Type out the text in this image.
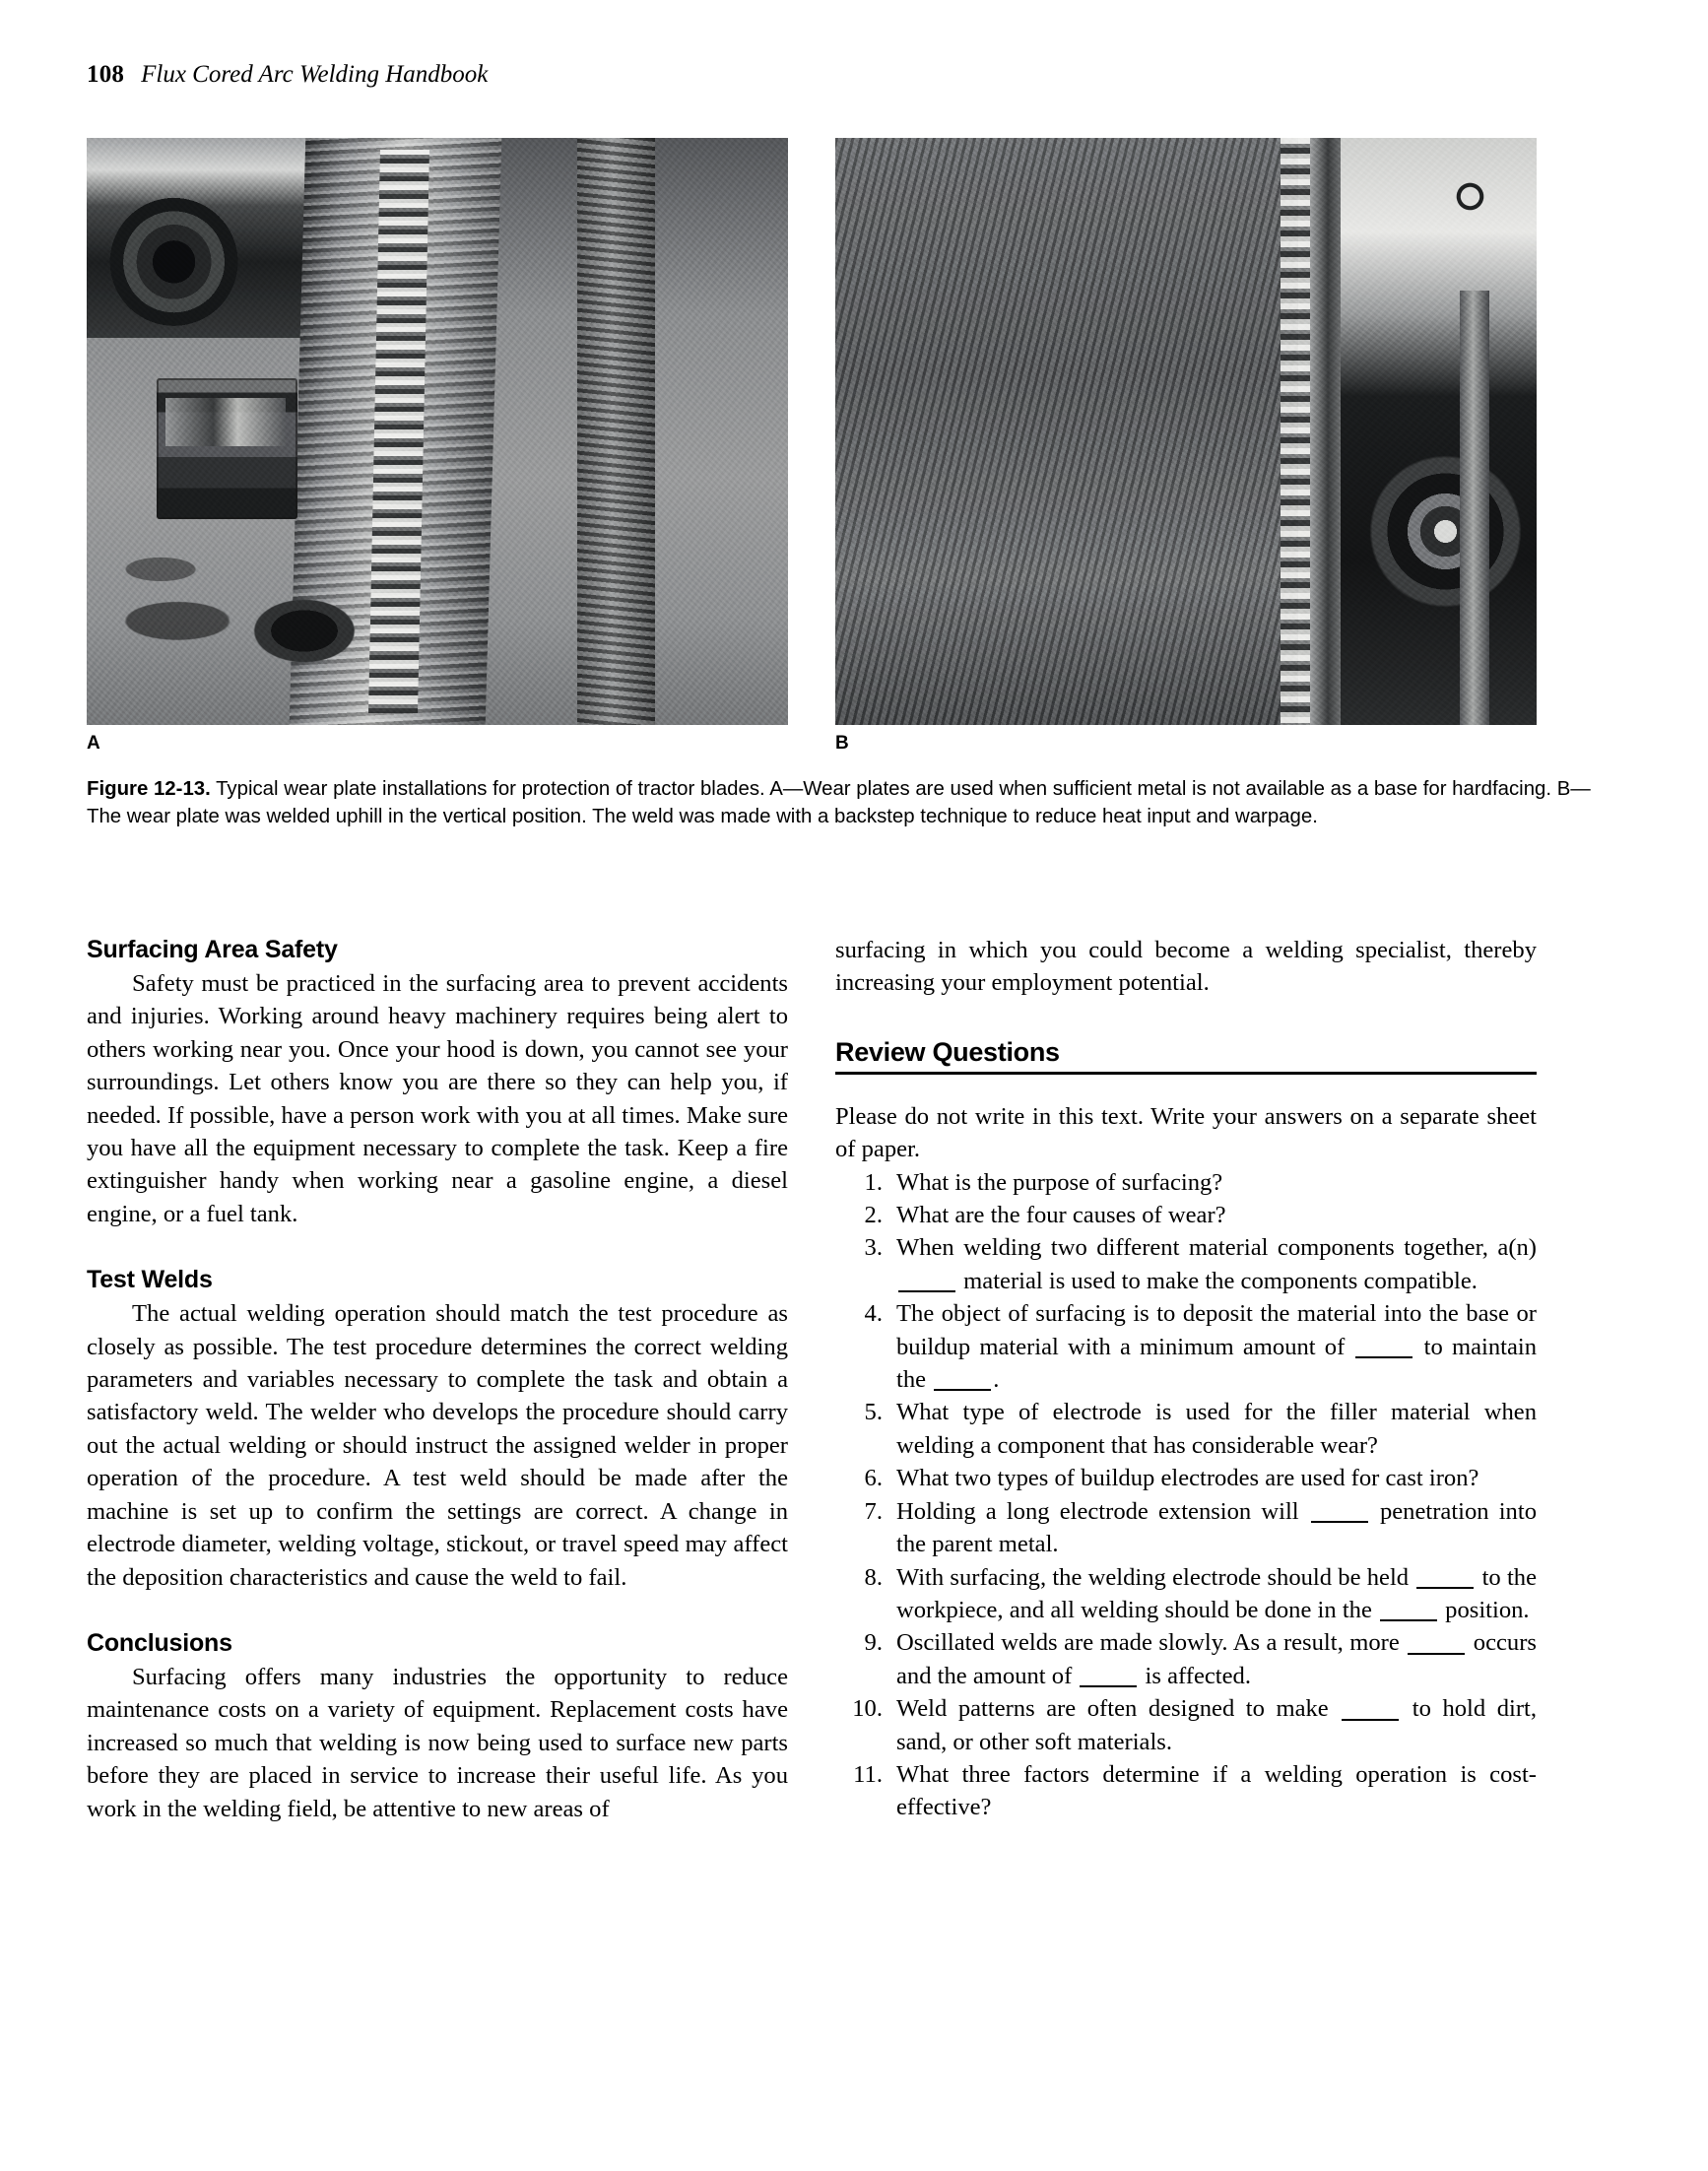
108 Flux Cored Arc Welding Handbook
A	B
Figure 12-13. Typical wear plate installations for protection of tractor blades. A—Wear plates are used when sufficient metal is not available as a base for hardfacing. B—The wear plate was welded uphill in the vertical position. The weld was made with a backstep technique to reduce heat input and warpage.
Surfacing Area Safety

Safety must be practiced in the surfacing area to prevent accidents and injuries. Working around heavy machinery requires being alert to others working near you. Once your hood is down, you cannot see your surroundings. Let others know you are there so they can help you, if needed. If possible, have a person work with you at all times. Make sure you have all the equipment necessary to complete the task. Keep a fire extinguisher handy when working near a gasoline engine, a diesel engine, or a fuel tank.

Test Welds

The actual welding operation should match the test procedure as closely as possible. The test procedure determines the correct welding parameters and variables necessary to complete the task and obtain a satisfactory weld. The welder who develops the procedure should carry out the actual welding or should instruct the assigned welder in proper operation of the procedure. A test weld should be made after the machine is set up to confirm the settings are correct. A change in electrode diameter, welding voltage, stickout, or travel speed may affect the deposition characteristics and cause the weld to fail.

Conclusions

Surfacing offers many industries the opportunity to reduce maintenance costs on a variety of equipment. Replacement costs have increased so much that welding is now being used to surface new parts before they are placed in service to increase their useful life. As you work in the welding field, be attentive to new areas of

surfacing in which you could become a welding specialist, thereby increasing your employment potential.

Review Questions

Please do not write in this text. Write your answers on a separate sheet of paper.

1. What is the purpose of surfacing?
2. What are the four causes of wear?
3. When welding two different material components together, a(n)  material is used to make the components compatible.
4. The object of surfacing is to deposit the material into the base or buildup material with a minimum amount of	to maintain the	.
5. What type of electrode is used for the filler material when welding a component that has considerable wear?
6. What two types of buildup electrodes are used for cast iron?
7. Holding a long electrode extension will	penetration into the parent metal.
8. With surfacing, the welding electrode should be held	to the workpiece, and all welding should be done in the	position.
9. Oscillated welds are made slowly. As a result, more	occurs and the amount of	is affected.
10. Weld patterns are often designed to make	to hold dirt, sand, or other soft materials.
11. What three factors determine if a welding operation is cost-effective?
